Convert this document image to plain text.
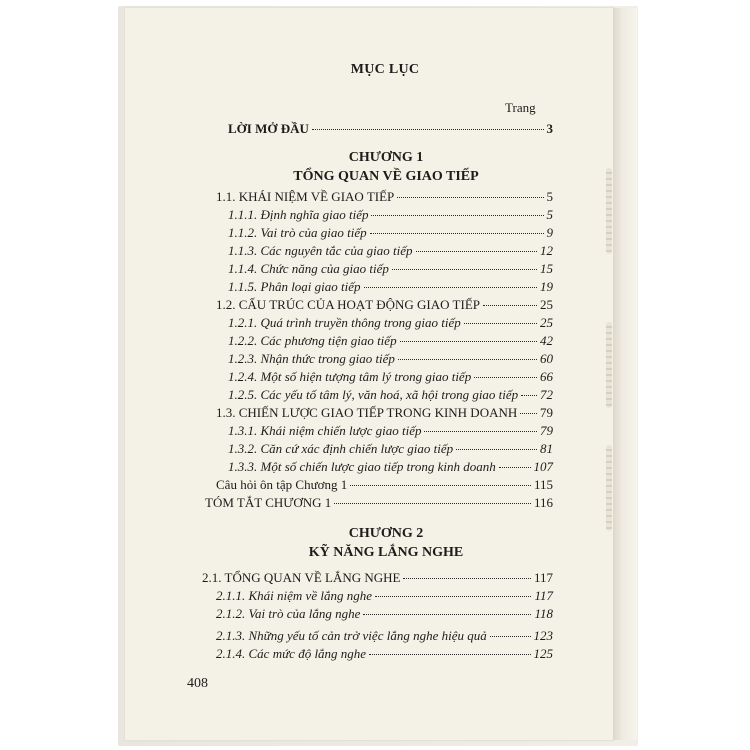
MỤC LỤC
Trang
LỜI MỞ ĐẦU	3
CHƯƠNG 1
TỔNG QUAN VỀ GIAO TIẾP
1.1. KHÁI NIỆM VỀ GIAO TIẾP	5
1.1.1. Định nghĩa giao tiếp	5
1.1.2. Vai trò của giao tiếp	9
1.1.3. Các nguyên tắc của giao tiếp	12
1.1.4. Chức năng của giao tiếp	15
1.1.5. Phân loại giao tiếp	19
1.2. CẤU TRÚC CỦA HOẠT ĐỘNG GIAO TIẾP	25
1.2.1. Quá trình truyền thông trong giao tiếp	25
1.2.2. Các phương tiện giao tiếp	42
1.2.3. Nhận thức trong giao tiếp	60
1.2.4. Một số hiện tượng tâm lý trong giao tiếp	66
1.2.5. Các yếu tố tâm lý, văn hoá, xã hội trong giao tiếp 72
1.3. CHIẾN LƯỢC GIAO TIẾP TRONG KINH DOANH 79
1.3.1. Khái niệm chiến lược giao tiếp	79
1.3.2. Căn cứ xác định chiến lược giao tiếp	81
1.3.3. Một số chiến lược giao tiếp trong kinh doanh	107
Câu hỏi ôn tập Chương 1	115
TÓM TẮT CHƯƠNG 1	116
CHƯƠNG 2
KỸ NĂNG LẮNG NGHE
2.1. TỔNG QUAN VỀ LẮNG NGHE	117
2.1.1. Khái niệm về lắng nghe	117
2.1.2. Vai trò của lắng nghe	118
2.1.3. Những yếu tố cản trở việc lắng nghe hiệu quả	123
2.1.4. Các mức độ lắng nghe	125
408
